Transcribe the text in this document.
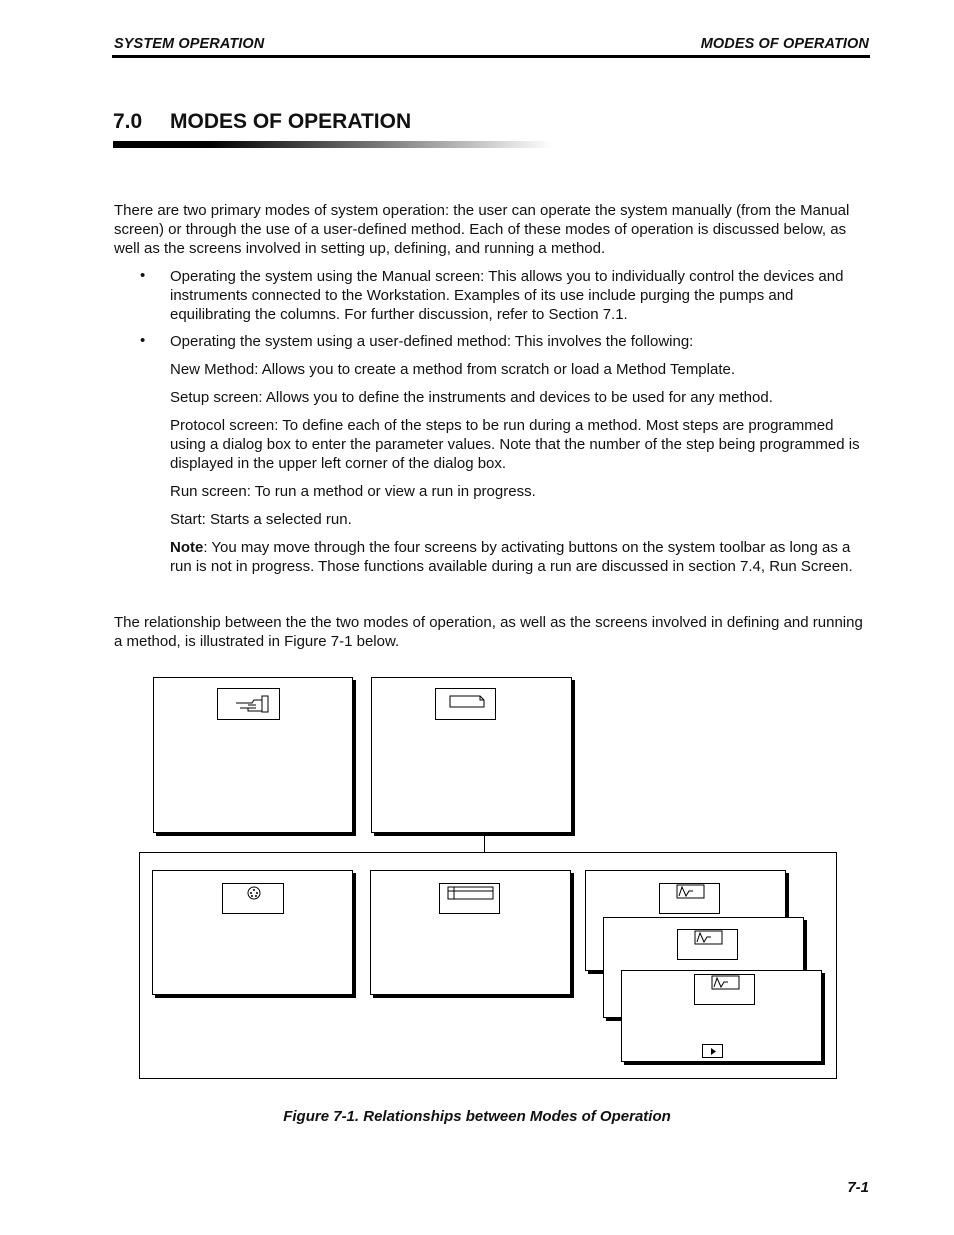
SYSTEM OPERATION	MODES OF OPERATION
7.0 MODES OF OPERATION
There are two primary modes of system operation: the user can operate the system manually (from the Manual screen) or through the use of a user-defined method. Each of these modes of operation is discussed below, as well as the screens involved in setting up, defining, and running a method.
• Operating the system using the Manual screen: This allows you to individually control the devices and instruments connected to the Workstation. Examples of its use include purging the pumps and equilibrating the columns. For further discussion, refer to Section 7.1.
• Operating the system using a user-defined method: This involves the following:
New Method: Allows you to create a method from scratch or load a Method Template.
Setup screen: Allows you to define the instruments and devices to be used for any method.
Protocol screen: To define each of the steps to be run during a method. Most steps are programmed using a dialog box to enter the parameter values. Note that the number of the step being programmed is displayed in the upper left corner of the dialog box.
Run screen: To run a method or view a run in progress.
Start: Starts a selected run.
Note: You may move through the four screens by activating buttons on the system toolbar as long as a run is not in progress. Those functions available during a run are discussed in section 7.4, Run Screen.
The relationship between the the two modes of operation, as well as the screens involved in defining and running a method, is illustrated in Figure 7-1 below.
Figure 7-1. Relationships between Modes of Operation
7-1
